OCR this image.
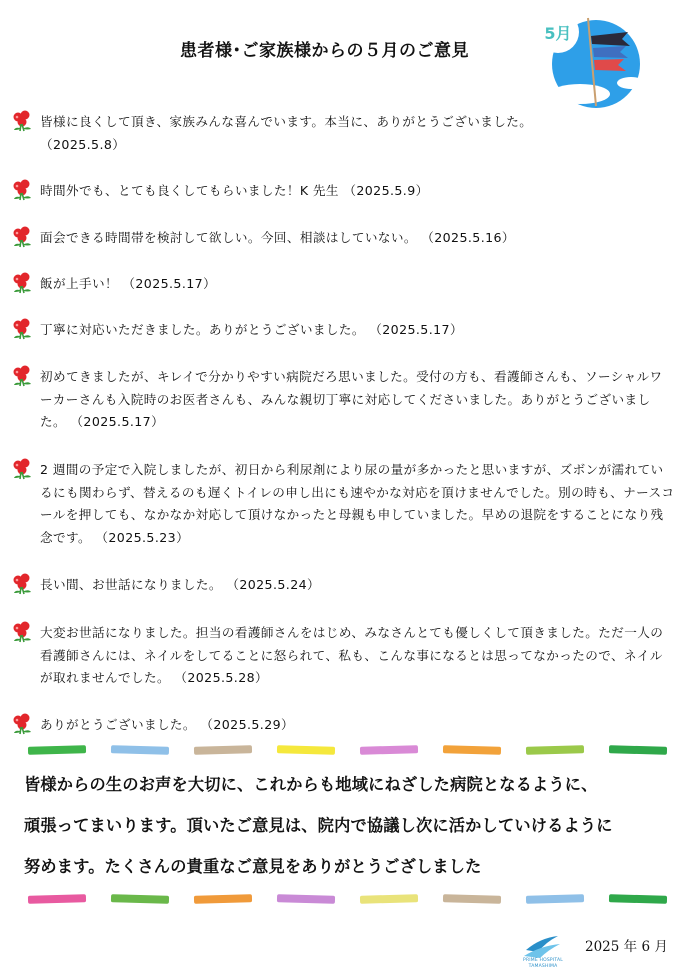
患者様･ご家族様からの５月のご意見
5月
皆様に良くして頂き、家族みんな喜んでいます。本当に、ありがとうございました。
（2025.5.8）
時間外でも、とても良くしてもらいました！K 先生 （2025.5.9）
面会できる時間帯を検討して欲しい。今回、相談はしていない。 （2025.5.16）
飯が上手い！ （2025.5.17）
丁寧に対応いただきました。ありがとうございました。 （2025.5.17）
初めてきましたが、キレイで分かりやすい病院だろ思いました。受付の方も、看護師さんも、ソーシャルワーカーさんも入院時のお医者さんも、みんな親切丁寧に対応してくださいました。ありがとうございました。 （2025.5.17）
2 週間の予定で入院しましたが、初日から利尿剤により尿の量が多かったと思いますが、ズボンが濡れているにも関わらず、替えるのも遅くトイレの申し出にも速やかな対応を頂けませんでした。別の時も、ナースコールを押しても、なかなか対応して頂けなかったと母親も申していました。早めの退院をすることになり残念です。 （2025.5.23）
長い間、お世話になりました。 （2025.5.24）
大変お世話になりました。担当の看護師さんをはじめ、みなさんとても優しくして頂きました。ただ一人の看護師さんには、ネイルをしてることに怒られて、私も、こんな事になるとは思ってなかったので、ネイルが取れませんでした。 （2025.5.28）
ありがとうございました。 （2025.5.29）

皆様からの生のお声を大切に、これからも地域にねざした病院となるように、

頑張ってまいります。頂いたご意見は、院内で協議し次に活かしていけるように

努めます。たくさんの貴重なご意見をありがとうござしました

PRIME HOSPITAL TAMASHIMA
2025 年 6 月
